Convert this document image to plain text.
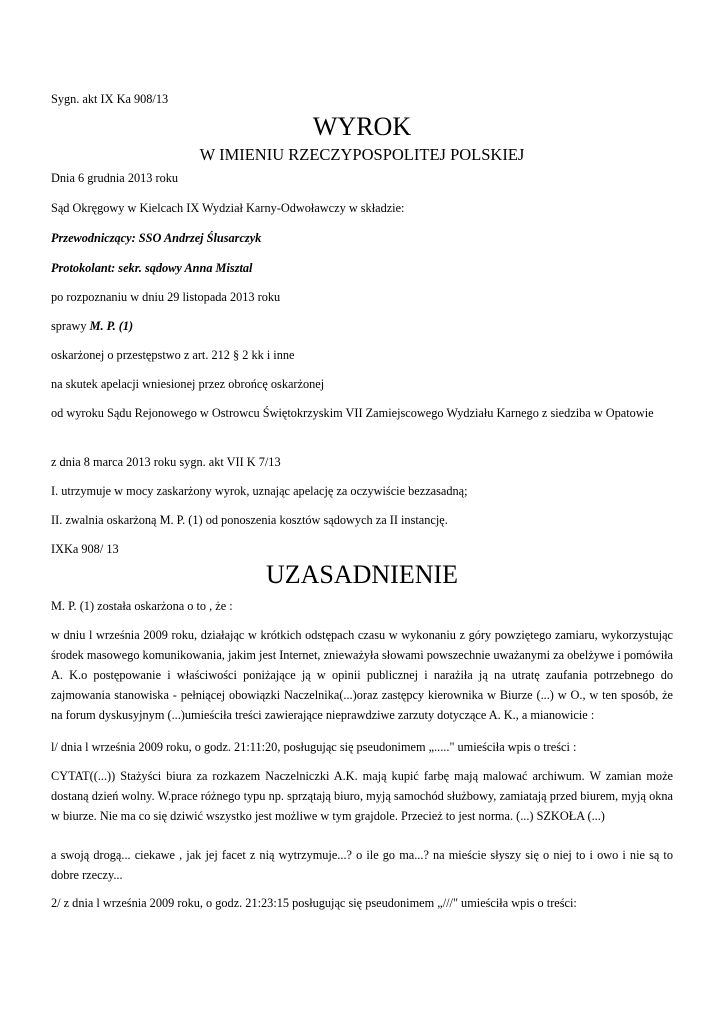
Sygn. akt IX Ka 908/13

WYROK

W IMIENIU RZECZYPOSPOLITEJ POLSKIEJ

Dnia 6 grudnia 2013 roku

Sąd Okręgowy w Kielcach IX Wydział Karny-Odwoławczy w składzie:

Przewodniczący: SSO Andrzej Ślusarczyk

Protokolant: sekr. sądowy Anna Misztal

po rozpoznaniu w dniu 29 listopada 2013 roku

sprawy M. P. (1)

oskarżonej o przestępstwo z art. 212 § 2 kk i inne

na skutek apelacji wniesionej przez obrońcę oskarżonej

od wyroku Sądu Rejonowego w Ostrowcu Świętokrzyskim VII Zamiejscowego Wydziału Karnego z siedziba w Opatowie

z dnia 8 marca 2013 roku sygn. akt VII K 7/13

I. utrzymuje w mocy zaskarżony wyrok, uznając apelację za oczywiście bezzasadną;

II. zwalnia oskarżoną M. P. (1) od ponoszenia kosztów sądowych za II instancję.

IXKa 908/ 13

UZASADNIENIE

M. P. (1) została oskarżona o to , że :

w dniu l września 2009 roku, działając w krótkich odstępach czasu w wykonaniu z góry powziętego zamiaru, wykorzystując środek masowego komunikowania, jakim jest Internet, znieważyła słowami powszechnie uważanymi za obelżywe i pomówiła A. K.o postępowanie i właściwości poniżające ją w opinii publicznej i narażiła ją na utratę zaufania potrzebnego do zajmowania stanowiska - pełniącej obowiązki Naczelnika(...)oraz zastępcy kierownika w Biurze (...) w O., w ten sposób, że na forum dyskusyjnym (...)umieściła treści zawierające nieprawdziwe zarzuty dotyczące A. K., a mianowicie :

l/ dnia l września 2009 roku, o godz. 21:11:20, posługując się pseudonimem „....." umieściła wpis o treści :

CYTAT((...)) Stażyści biura za rozkazem Naczelniczki A.K. mają kupić farbę mają malować archiwum. W zamian może dostaną dzień wolny. W.prace różnego typu np. sprzątają biuro, myją samochód służbowy, zamiatają przed biurem, myją okna w biurze. Nie ma co się dziwić wszystko jest możliwe w tym grajdole. Przecież to jest norma. (...) SZKOŁA (...)

a swoją drogą... ciekawe , jak jej facet z nią wytrzymuje...? o ile go ma...? na mieście słyszy się o niej to i owo i nie są to dobre rzeczy...

2/ z dnia l września 2009 roku, o godz. 21:23:15 posługując się pseudonimem „///" umieściła wpis o treści:
